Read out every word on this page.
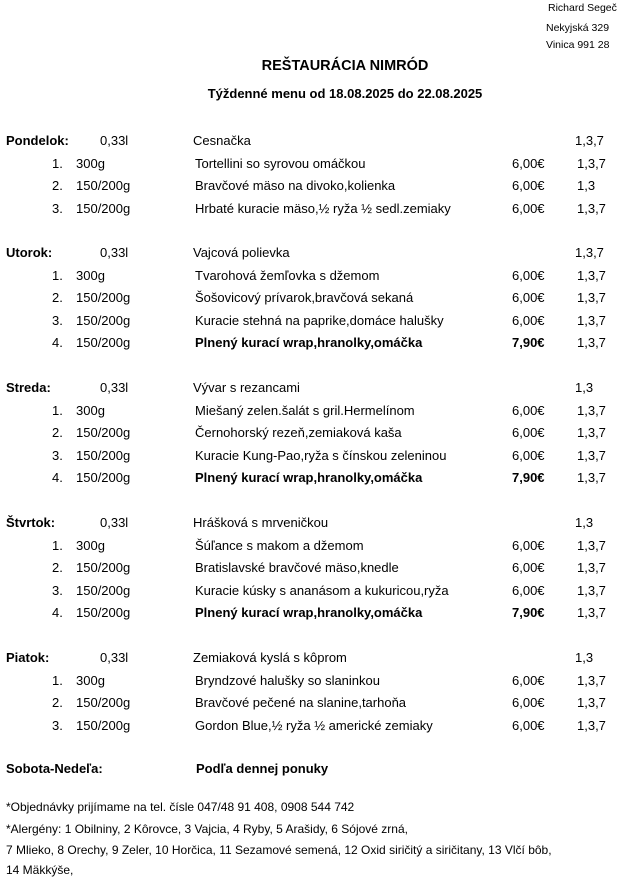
Richard Segeč
Nekyjská 329
Vinica 991 28
REŠTAURÁCIA NIMRÓD
Týždenné menu od 18.08.2025 do 22.08.2025
Pondelok: 0,33l	Cesnačka	1,3,7
1. 300g	Tortellini so syrovou omáčkou	6,00€ 1,3,7
2. 150/200g	Bravčové mäso na divoko,kolienka	6,00€ 1,3
3. 150/200g	Hrbaté kuracie mäso,½ ryža ½ sedl.zemiaky	6,00€ 1,3,7
Utorok:	0,33l	Vajcová polievka	1,3,7
1. 300g	Tvarohová žemľovka s džemom	6,00€ 1,3,7
2. 150/200g	Šošovicový prívarok,bravčová sekaná	6,00€ 1,3,7
3. 150/200g	Kuracie stehná na paprike,domáce halušky	6,00€ 1,3,7
4. 150/200g	Plnený kurací wrap,hranolky,omáčka	7,90€ 1,3,7
Streda:	0,33l	Vývar s rezancami	1,3
1. 300g	Miešaný zelen.šalát s gril.Hermelínom	6,00€ 1,3,7
2. 150/200g	Černohorský rezeň,zemiaková kaša	6,00€ 1,3,7
3. 150/200g	Kuracie Kung-Pao,ryža s čínskou zeleninou	6,00€ 1,3,7
4. 150/200g	Plnený kurací wrap,hranolky,omáčka	7,90€ 1,3,7
Štvrtok:	0,33l	Hrášková s mrveničkou	1,3
1. 300g	Šúľance s makom a džemom	6,00€ 1,3,7
2. 150/200g	Bratislavské bravčové mäso,knedle	6,00€ 1,3,7
3. 150/200g	Kuracie kúsky s ananásom a kukuricou,ryža	6,00€ 1,3,7
4. 150/200g	Plnený kurací wrap,hranolky,omáčka	7,90€ 1,3,7
Piatok:	0,33l	Zemiaková kyslá s kôprom	1,3
1. 300g	Bryndzové halušky so slaninkou	6,00€ 1,3,7
2. 150/200g	Bravčové pečené na slanine,tarhoňa	6,00€ 1,3,7
3. 150/200g	Gordon Blue,½ ryža ½ americké zemiaky	6,00€ 1,3,7
Sobota-Nedeľa:	Podľa dennej ponuky
*Objednávky prijímame na tel. čísle 047/48 91 408, 0908 544 742
*Alergény: 1 Obilniny, 2 Kôrovce, 3 Vajcia, 4 Ryby, 5 Arašidy, 6 Sójové zrná,
7 Mlieko, 8 Orechy, 9 Zeler, 10 Horčica, 11 Sezamové semená, 12 Oxid siričitý a siričitany, 13 Vlčí bôb,
14 Mäkkýše,
